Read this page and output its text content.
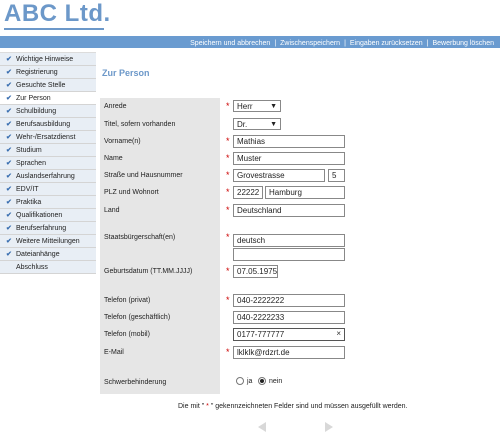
ABC Ltd.
Speichern und abbrechen | Zwischenspeichern | Eingaben zurücksetzen | Bewerbung löschen
✔ Wichtige Hinweise
✔ Registrierung
✔ Gesuchte Stelle
✔ Zur Person
✔ Schulbildung
✔ Berufsausbildung
✔ Wehr-/Ersatzdienst
✔ Studium
✔ Sprachen
✔ Auslandserfahrung
✔ EDV/IT
✔ Praktika
✔ Qualifikationen
✔ Berufserfahrung
✔ Weitere Mitteilungen
✔ Dateianhänge
Abschluss
Zur Person
Anrede	* Herr	▼
Titel, sofern vorhanden	Dr.	▼
Vorname(n)	* Mathias
Name	* Muster
Straße und Hausnummer	* Grovestrasse	5
PLZ und Wohnort	* 22222	Hamburg
Land	* Deutschland
Staatsbürgerschaft(en)	* deutsch
Geburtsdatum (TT.MM.JJJJ)	* 07.05.1975
Telefon (privat)	* 040-2222222
Telefon (geschäftlich)	040-2222233
Telefon (mobil)	0177-777777	×
E-Mail	* lklklk@rdzrt.de
Schwerbehinderung	ja nein
Die mit " * " gekennzeichneten Felder sind und müssen ausgefüllt werden.
